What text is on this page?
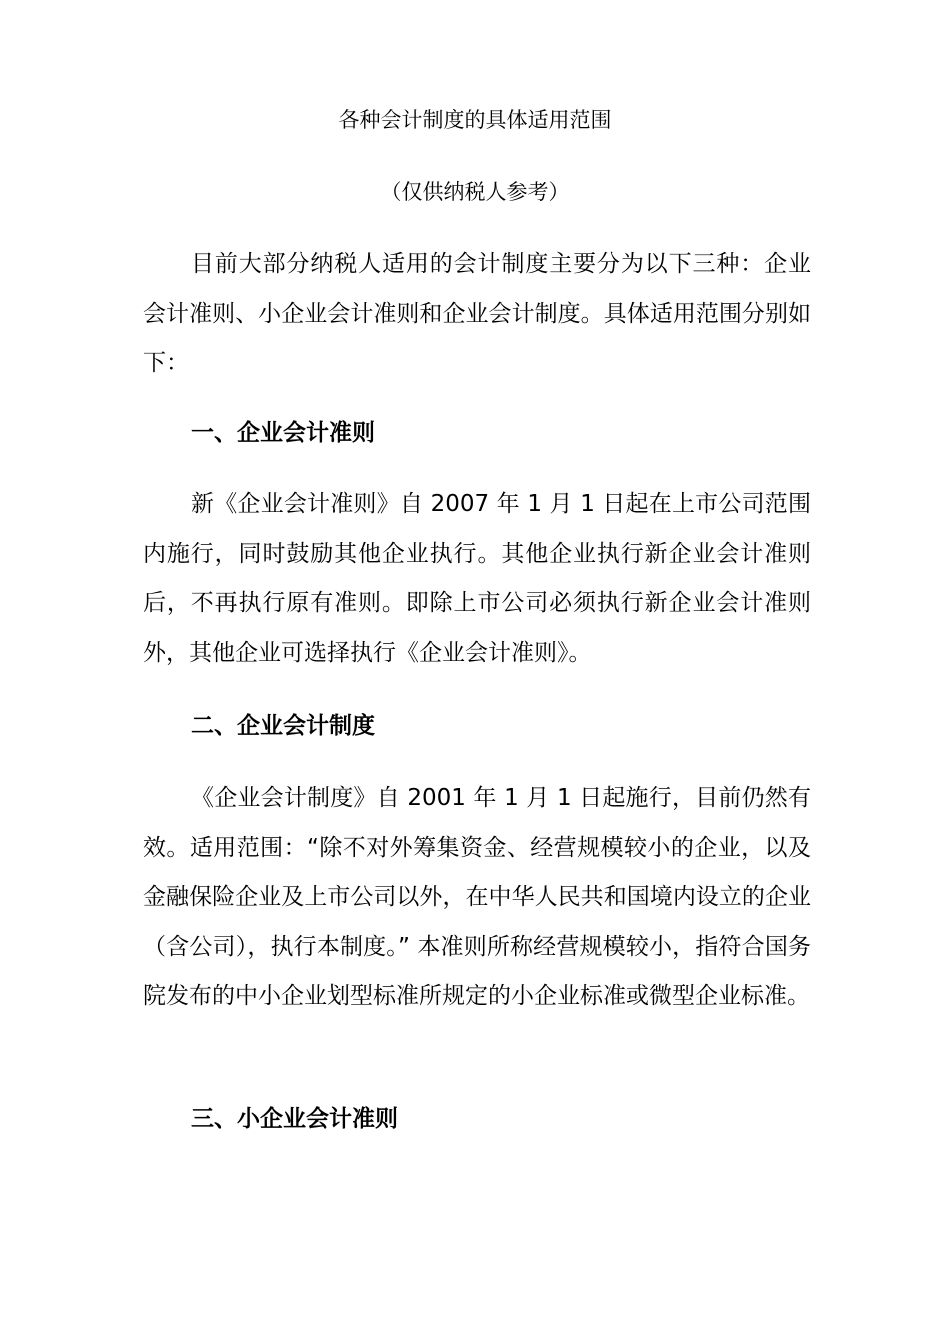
各种会计制度的具体适用范围
（仅供纳税人参考）

目前大部分纳税人适用的会计制度主要分为以下三种：企业会计准则、小企业会计准则和企业会计制度。具体适用范围分别如下：

一、企业会计准则

新《企业会计准则》自 2007 年 1 月 1 日起在上市公司范围内施行，同时鼓励其他企业执行。其他企业执行新企业会计准则后，不再执行原有准则。即除上市公司必须执行新企业会计准则外，其他企业可选择执行《企业会计准则》。

二、企业会计制度

《企业会计制度》自 2001 年 1 月 1 日起施行，目前仍然有效。适用范围：“除不对外筹集资金、经营规模较小的企业，以及金融保险企业及上市公司以外，在中华人民共和国境内设立的企业（含公司），执行本制度。” 本准则所称经营规模较小，指符合国务院发布的中小企业划型标准所规定的小企业标准或微型企业标准。

三、小企业会计准则
